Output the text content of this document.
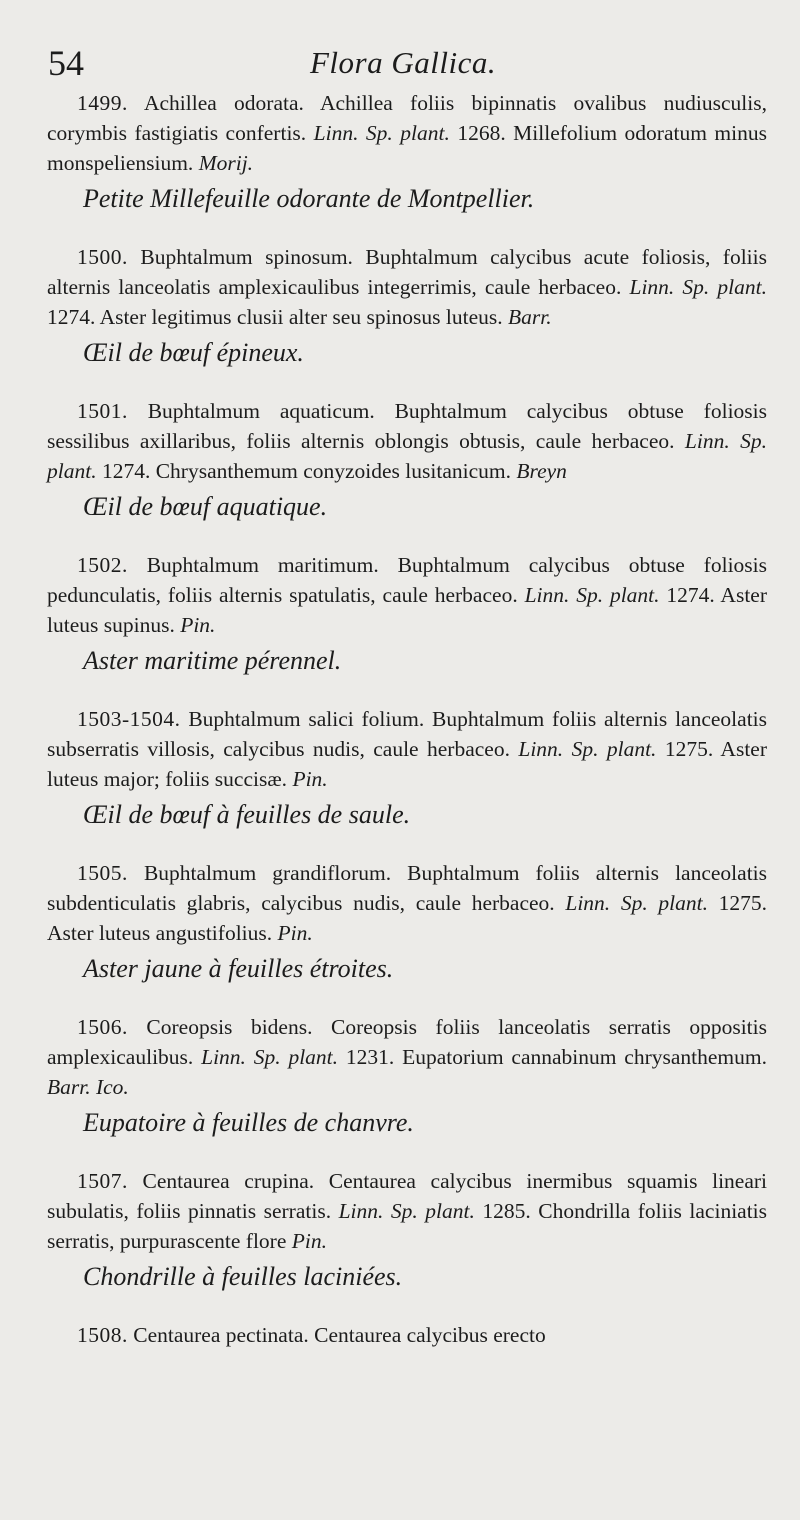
54	Flora Gallica.

1499. Achillea odorata. Achillea foliis bipinnatis ovalibus nudiusculis, corymbis fastigiatis confertis. Linn. Sp. plant. 1268. Millefolium odoratum minus monspeliensium. Morij.

Petite Millefeuille odorante de Montpellier.

1500. Buphtalmum spinosum. Buphtalmum calycibus acute foliosis, foliis alternis lanceolatis amplexicaulibus integerrimis, caule herbaceo. Linn. Sp. plant. 1274. Aster legitimus clusii alter seu spinosus luteus. Barr.

Œil de bœuf épineux.

1501. Buphtalmum aquaticum. Buphtalmum calycibus obtuse foliosis sessilibus axillaribus, foliis alternis oblongis obtusis, caule herbaceo. Linn. Sp. plant. 1274. Chrysanthemum conyzoides lusitanicum. Breyn

Œil de bœuf aquatique.

1502. Buphtalmum maritimum. Buphtalmum calycibus obtuse foliosis pedunculatis, foliis alternis spatulatis, caule herbaceo. Linn. Sp. plant. 1274. Aster luteus supinus. Pin.

Aster maritime pérennel.

1503-1504. Buphtalmum salici folium. Buphtalmum foliis alternis lanceolatis subserratis villosis, calycibus nudis, caule herbaceo. Linn. Sp. plant. 1275. Aster luteus major; foliis succisæ. Pin.

Œil de bœuf à feuilles de saule.

1505. Buphtalmum grandiflorum. Buphtalmum foliis alternis lanceolatis subdenticulatis glabris, calycibus nudis, caule herbaceo. Linn. Sp. plant. 1275. Aster luteus angustifolius. Pin.

Aster jaune à feuilles étroites.

1506. Coreopsis bidens. Coreopsis foliis lanceolatis serratis oppositis amplexicaulibus. Linn. Sp. plant. 1231. Eupatorium cannabinum chrysanthemum. Barr. Ico.

Eupatoire à feuilles de chanvre.

1507. Centaurea crupina. Centaurea calycibus inermibus squamis lineari subulatis, foliis pinnatis serratis. Linn. Sp. plant. 1285. Chondrilla foliis laciniatis serratis, purpurascente flore Pin.

Chondrille à feuilles laciniées.

1508. Centaurea pectinata. Centaurea calycibus erecto
